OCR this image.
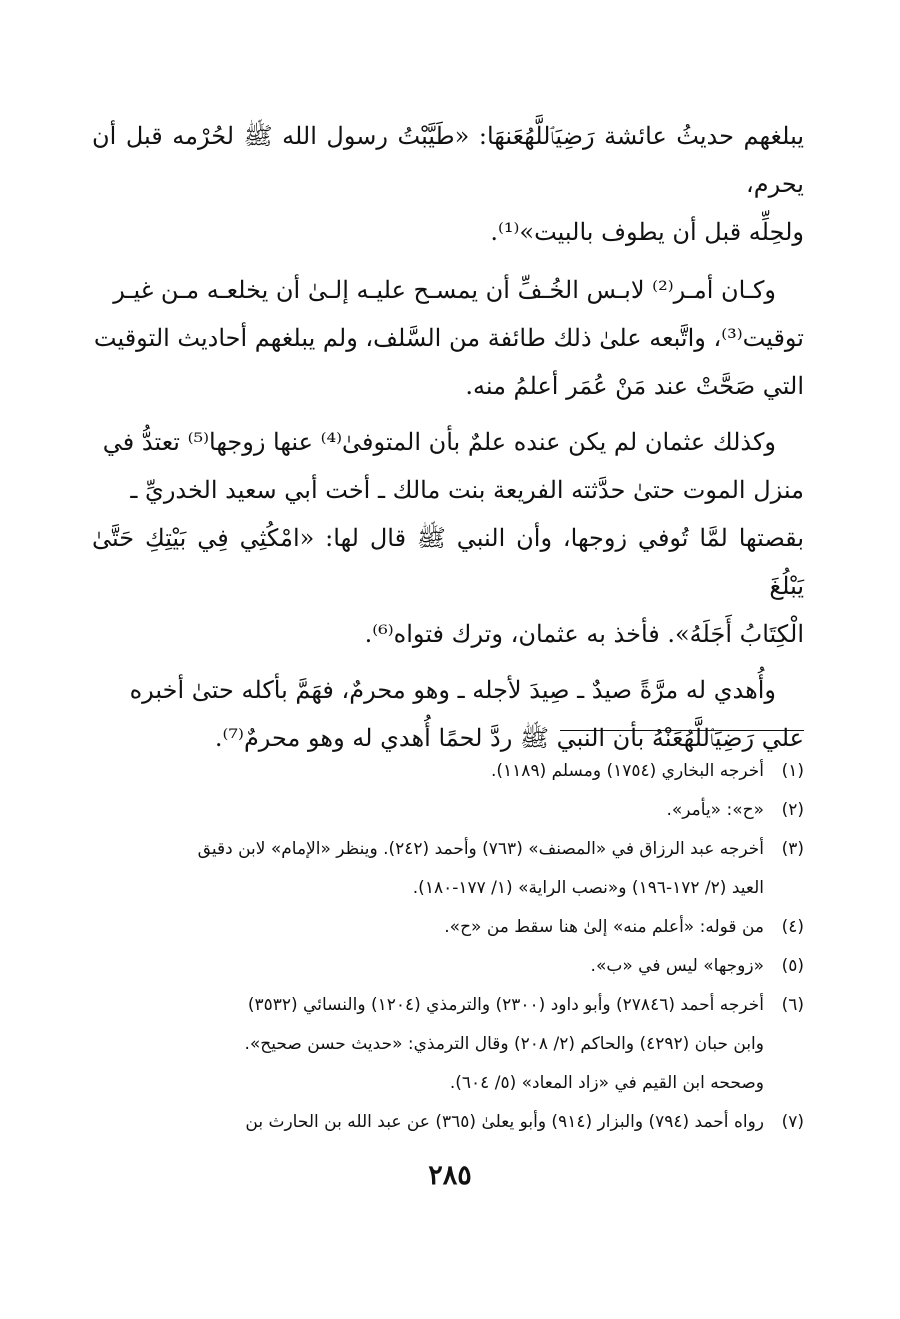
يبلغهم حديثُ عائشة رَضِيَٱللَّهُعَنهَا: «طَيَّبْتُ رسول الله ﷺ لحُرْمه قبل أن يحرم،
ولحِلِّه قبل أن يطوف بالبيت»⁽¹⁾.

وكـان أمـر⁽²⁾ لابـس الخُـفِّ أن يمسـح عليـه إلـىٰ أن يخلعـه مـن غيـر
توقيت⁽³⁾، واتَّبعه علىٰ ذلك طائفة من السَّلف، ولم يبلغهم أحاديث التوقيت
التي صَحَّتْ عند مَنْ عُمَر أعلمُ منه.

وكذلك عثمان لم يكن عنده علمٌ بأن المتوفىٰ⁽⁴⁾ عنها زوجها⁽⁵⁾ تعتدُّ في
منزل الموت حتىٰ حدَّثته الفريعة بنت مالك ـ أخت أبي سعيد الخدريِّ ـ
بقصتها لمَّا تُوفي زوجها، وأن النبي ﷺ قال لها: «امْكُثِي فِي بَيْتِكِ حَتَّىٰ يَبْلُغَ
الْكِتَابُ أَجَلَهُ». فأخذ به عثمان، وترك فتواه⁽⁶⁾.

وأُهدي له مرَّةً صيدٌ ـ صِيدَ لأجله ـ وهو محرمٌ، فهَمَّ بأكله حتىٰ أخبره
علي رَضِيَٱللَّهُعَنْهُ بأن النبي ﷺ ردَّ لحمًا أُهدي له وهو محرمٌ⁽⁷⁾.

(١)
أخرجه البخاري (١٧٥٤) ومسلم (١١٨٩).
(٢)
«ح»: «يأمر».
(٣)
أخرجه عبد الرزاق في «المصنف» (٧٦٣) وأحمد (٢٤٢). وينظر «الإمام» لابن دقيق
العيد (٢/ ١٧٢-١٩٦) و«نصب الراية» (١/ ١٧٧-١٨٠).
(٤)
من قوله: «أعلم منه» إلىٰ هنا سقط من «ح».
(٥)
«زوجها» ليس في «ب».
(٦)
أخرجه أحمد (٢٧٨٤٦) وأبو داود (٢٣٠٠) والترمذي (١٢٠٤) والنسائي (٣٥٣٢)
وابن حبان (٤٢٩٢) والحاكم (٢/ ٢٠٨) وقال الترمذي: «حديث حسن صحيح».
وصححه ابن القيم في «زاد المعاد» (٥/ ٦٠٤).
(٧)
رواه أحمد (٧٩٤) والبزار (٩١٤) وأبو يعلىٰ (٣٦٥) عن عبد الله بن الحارث بن
٢٨٥
